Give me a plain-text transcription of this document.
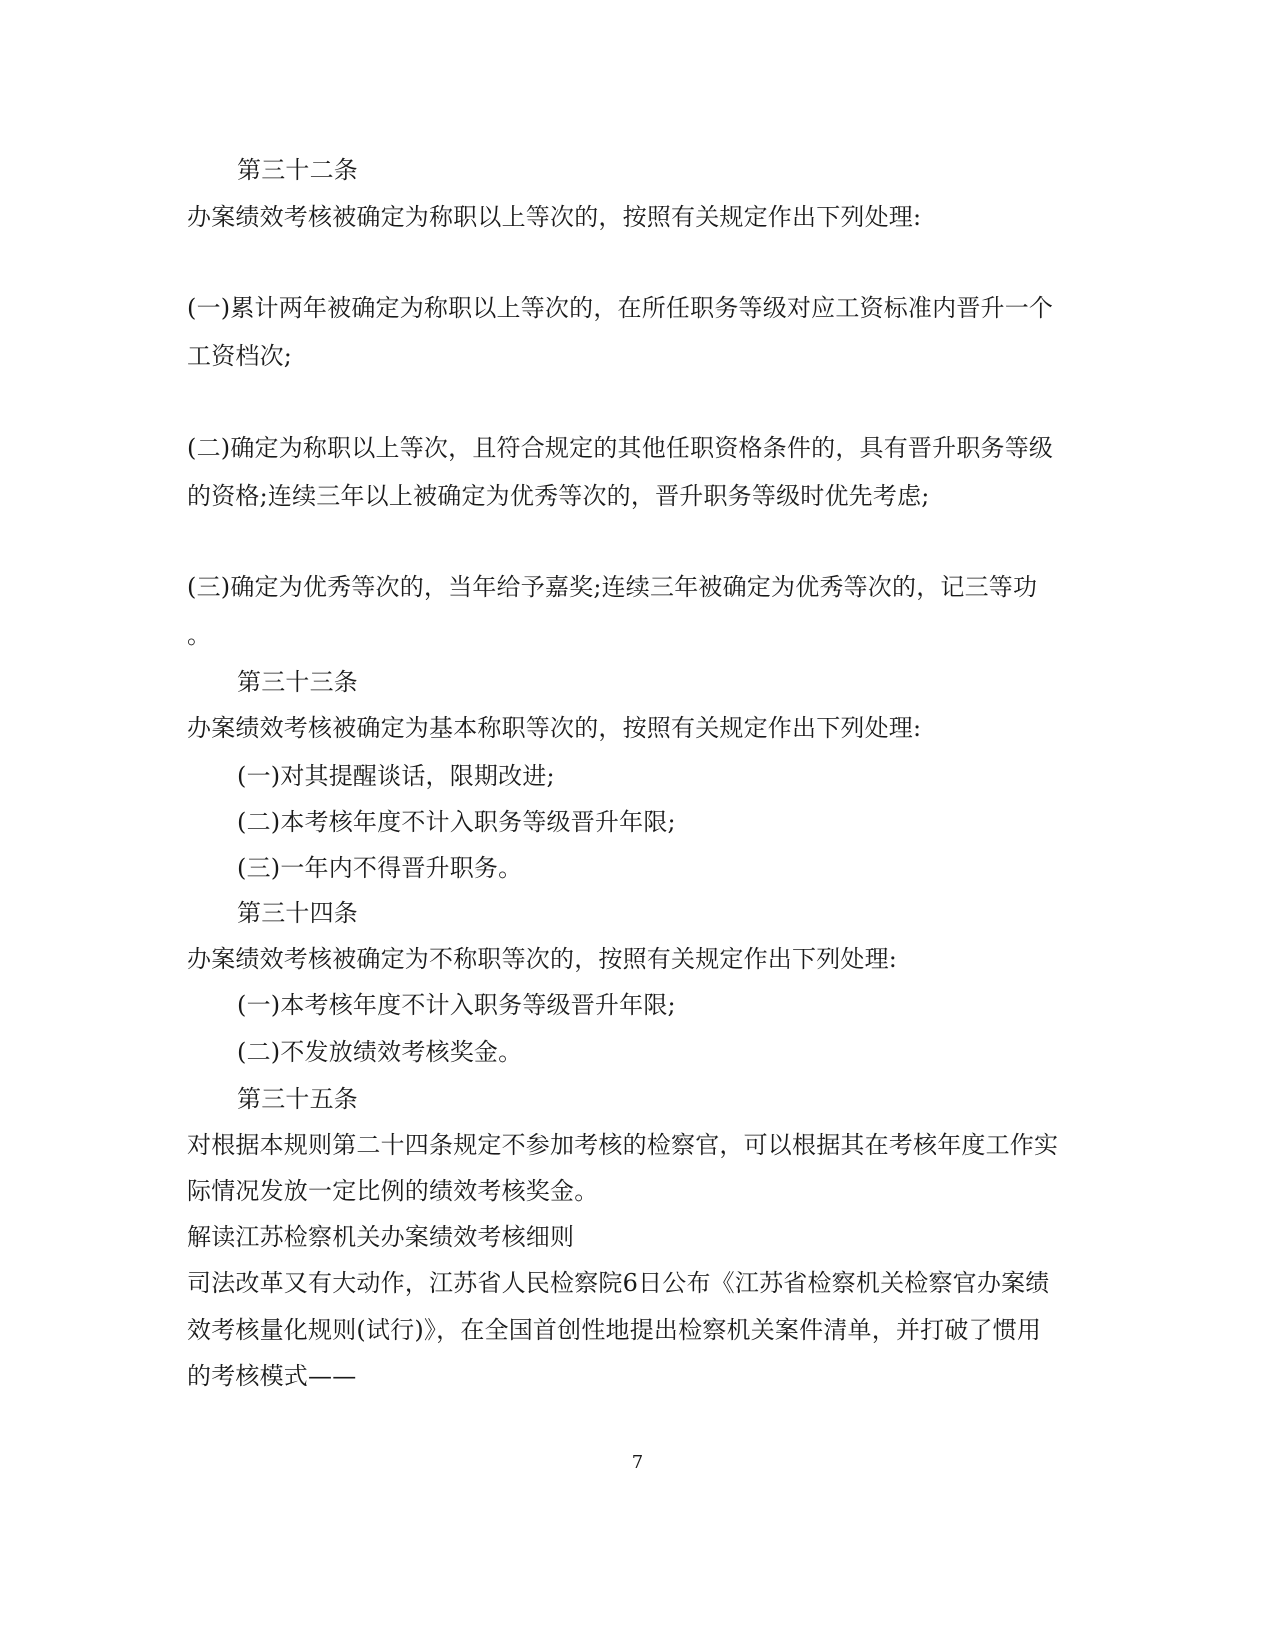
第三十二条
办案绩效考核被确定为称职以上等次的，按照有关规定作出下列处理:
(一)累计两年被确定为称职以上等次的，在所任职务等级对应工资标准内晋升一个
工资档次;
(二)确定为称职以上等次，且符合规定的其他任职资格条件的，具有晋升职务等级
的资格;连续三年以上被确定为优秀等次的，晋升职务等级时优先考虑;
(三)确定为优秀等次的，当年给予嘉奖;连续三年被确定为优秀等次的，记三等功
。
第三十三条
办案绩效考核被确定为基本称职等次的，按照有关规定作出下列处理:
(一)对其提醒谈话，限期改进;
(二)本考核年度不计入职务等级晋升年限;
(三)一年内不得晋升职务。
第三十四条
办案绩效考核被确定为不称职等次的，按照有关规定作出下列处理:
(一)本考核年度不计入职务等级晋升年限;
(二)不发放绩效考核奖金。
第三十五条
对根据本规则第二十四条规定不参加考核的检察官，可以根据其在考核年度工作实
际情况发放一定比例的绩效考核奖金。
解读江苏检察机关办案绩效考核细则
司法改革又有大动作，江苏省人民检察院6日公布《江苏省检察机关检察官办案绩
效考核量化规则(试行)》，在全国首创性地提出检察机关案件清单，并打破了惯用
的考核模式——
7
